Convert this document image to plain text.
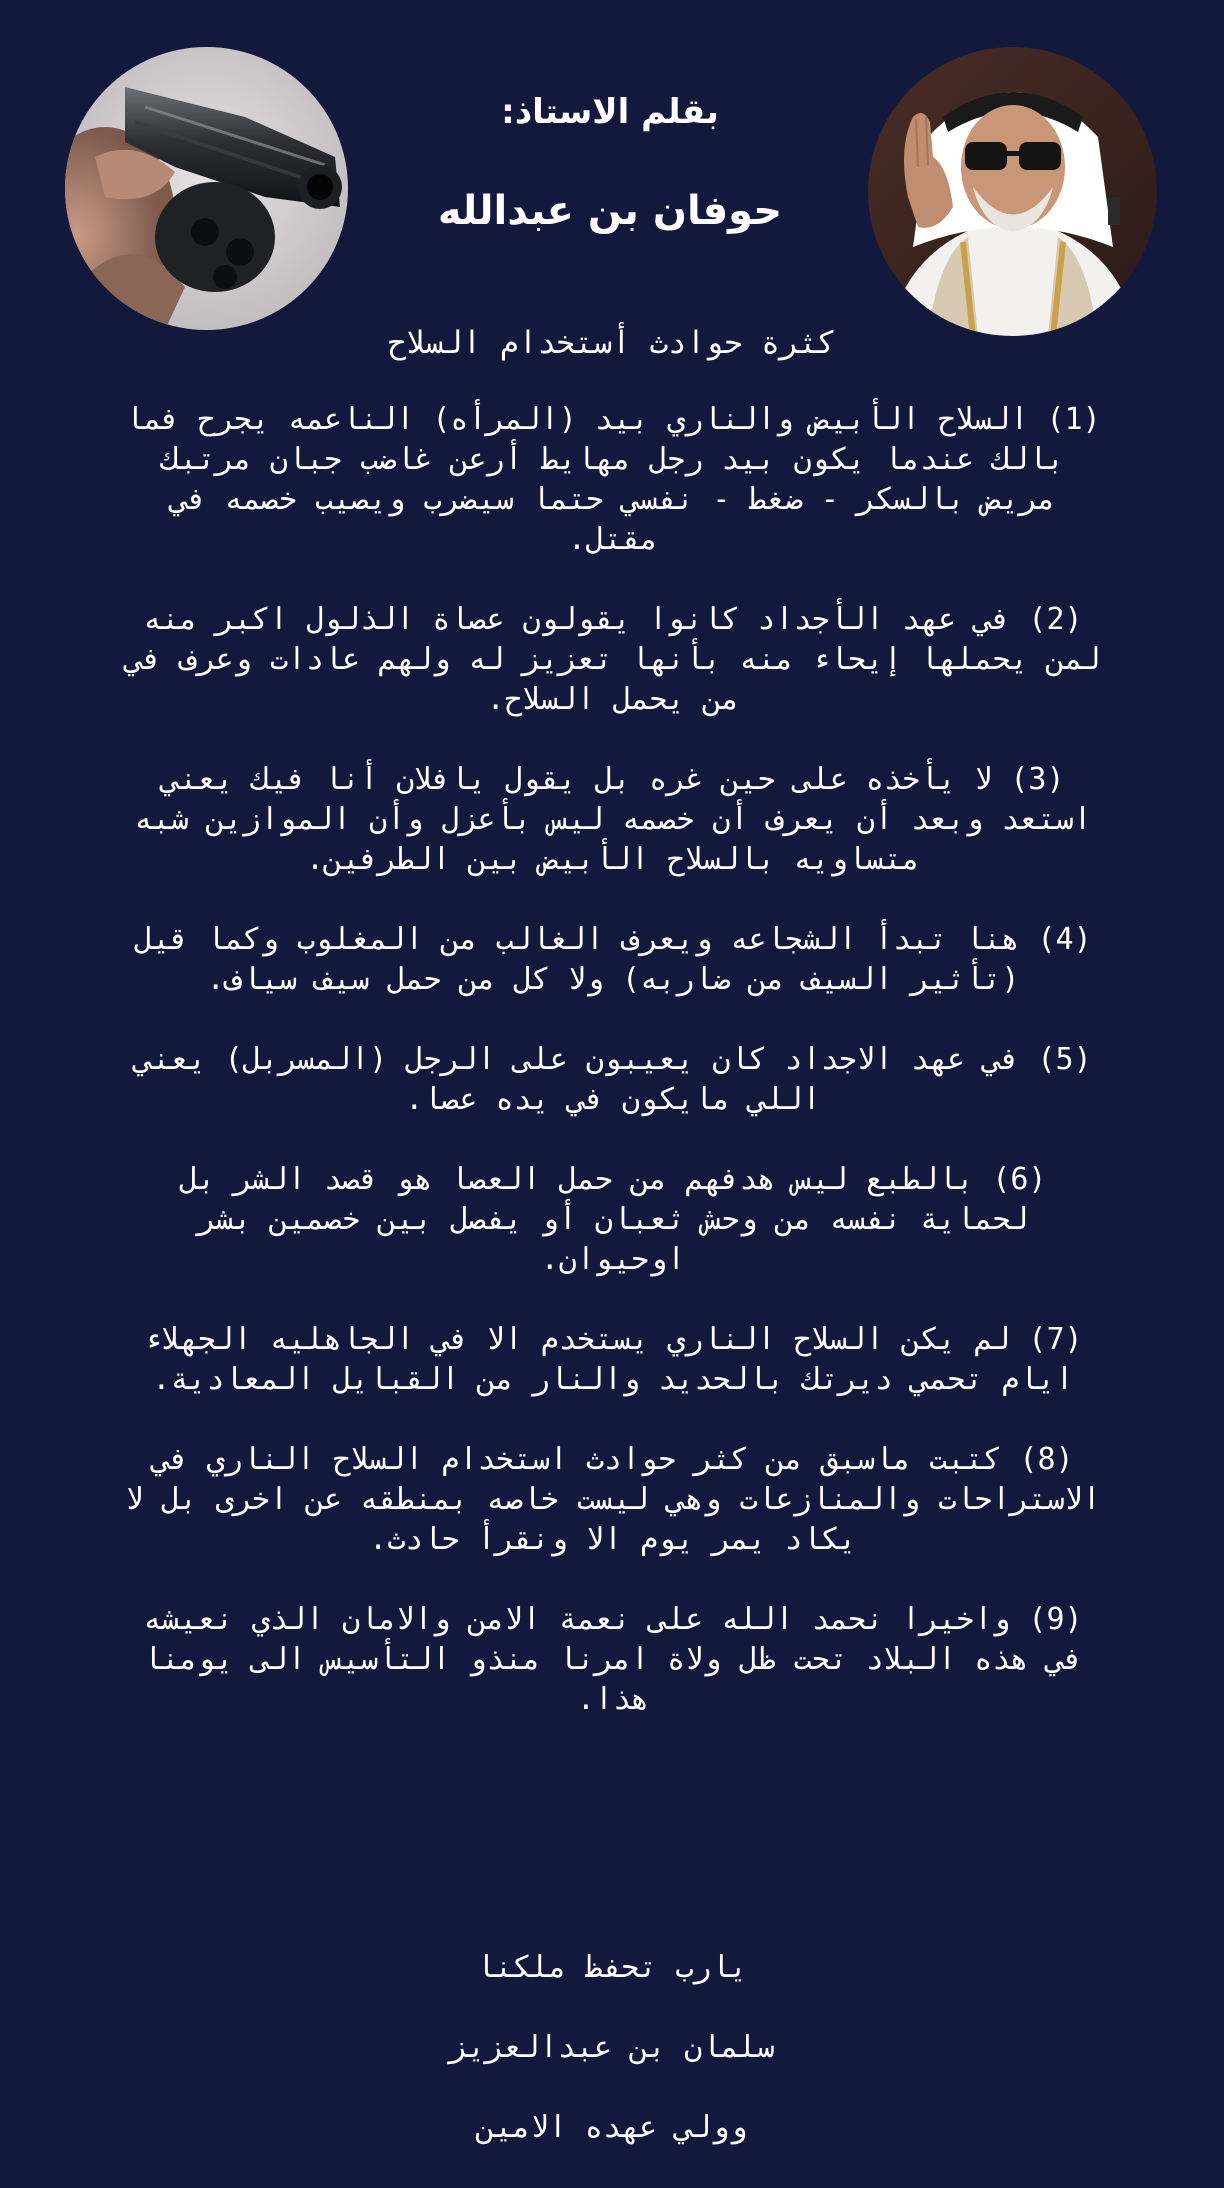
بقلم الاستاذ:
حوفان بن عبدالله
كثرة حوادث أستخدام السلاح

(1) السلاح الأبيض والناري بيد (المرأه) الناعمه يجرح فما بالك عندما يكون بيد رجل مهايط أرعن غاضب جبان مرتبك مريض بالسكر - ضغط - نفسي حتما سيضرب ويصيب خصمه في مقتل.

(2) في عهد الأجداد كانوا يقولون عصاة الذلول اكبر منه لمن يحملها إيحاء منه بأنها تعزيز له ولهم عادات وعرف في من يحمل السلاح.

(3) لا يأخذه على حين غره بل يقول يافلان أنا فيك يعني استعد وبعد أن يعرف أن خصمه ليس بأعزل وأن الموازين شبه متساويه بالسلاح الأبيض بين الطرفين.

(4) هنا تبدأ الشجاعه ويعرف الغالب من المغلوب وكما قيل (تأثير السيف من ضاربه) ولا كل من حمل سيف سياف.

(5) في عهد الاجداد كان يعيبون على الرجل (المسربل) يعني اللي مايكون في يده عصا.

(6) بالطبع ليس هدفهم من حمل العصا هو قصد الشر بل لحماية نفسه من وحش ثعبان أو يفصل بين خصمين بشر اوحيوان.

(7) لم يكن السلاح الناري يستخدم الا في الجاهليه الجهلاء ايام تحمي ديرتك بالحديد والنار من القبايل المعادية.

(8) كتبت ماسبق من كثر حوادث استخدام السلاح الناري في الاستراحات والمنازعات وهي ليست خاصه بمنطقه عن اخرى بل لا يكاد يمر يوم الا ونقرأ حادث.

(9) واخيرا نحمد الله على نعمة الامن والامان الذي نعيشه في هذه البلاد تحت ظل ولاة امرنا منذو التأسيس الى يومنا هذا.

يارب تحفظ ملكنا

سلمان بن عبدالعزيز

وولي عهده الامين
